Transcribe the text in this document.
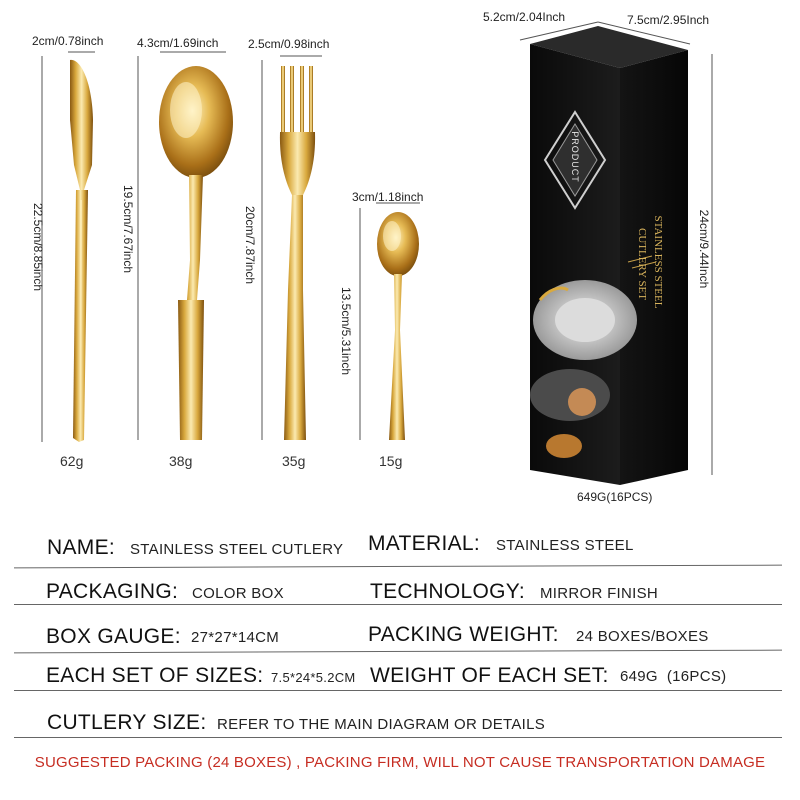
PRODUCT
STAINLESS STEEL
CUTLERY SET
2cm/0.78inch
22.5cm/8.85inch
62g
4.3cm/1.69inch
19.5cm/7.67inch
38g
2.5cm/0.98inch
20cm/7.87inch
35g
3cm/1.18inch
13.5cm/5.31inch
15g
5.2cm/2.04Inch	7.5cm/2.95Inch
24cm/9.44Inch
649G(16PCS)
NAME: STAINLESS STEEL CUTLERY MATERIAL: STAINLESS STEEL
PACKAGING: COLOR BOX	TECHNOLOGY: MIRROR FINISH
BOX GAUGE: 27*27*14CM	PACKING WEIGHT: 24 BOXES/BOXES
EACH SET OF SIZES: 7.5*24*5.2CM WEIGHT OF EACH SET: 649G  (16PCS)
CUTLERY SIZE: REFER TO THE MAIN DIAGRAM OR DETAILS
SUGGESTED PACKING (24 BOXES) , PACKING FIRM, WILL NOT CAUSE TRANSPORTATION DAMAGE
